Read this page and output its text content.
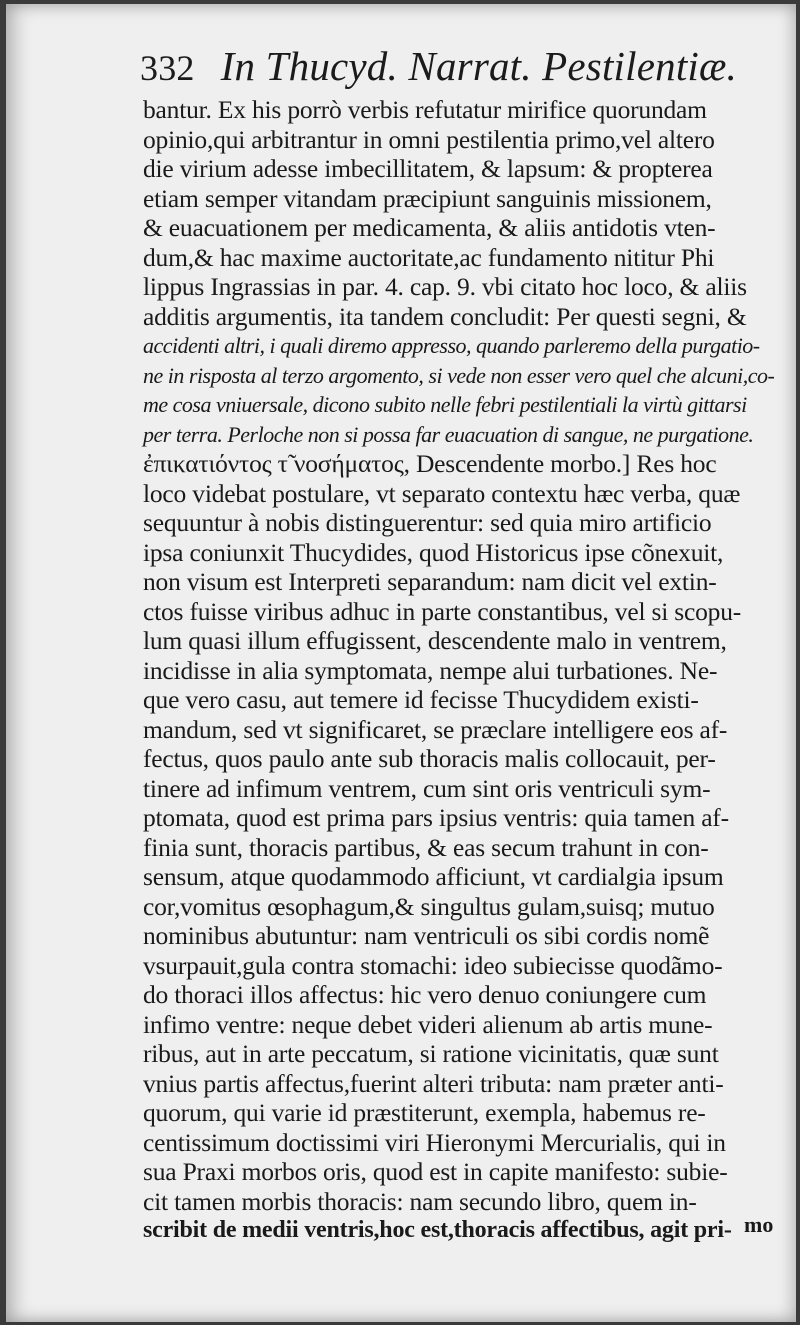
332 In Thucyd. Narrat. Pestilentiæ.
bantur. Ex his porrò verbis refutatur mirifice quorundam
opinio,qui arbitrantur in omni pestilentia primo,vel altero
die virium adesse imbecillitatem, & lapsum: & propterea
etiam semper vitandam præcipiunt sanguinis missionem,
& euacuationem per medicamenta, & aliis antidotis vten-
dum,& hac maxime auctoritate,ac fundamento nititur Phi
lippus Ingrassias in par. 4. cap. 9. vbi citato hoc loco, & aliis
additis argumentis, ita tandem concludit: Per questi segni, &
accidenti altri, i quali diremo appresso, quando parleremo della purgatio-
ne in risposta al terzo argomento, si vede non esser vero quel che alcuni,co-
me cosa vniuersale, dicono subito nelle febri pestilentiali la virtù gittarsi
per terra. Perloche non si possa far euacuation di sangue, ne purgatione.
ἐπικατιόντος τ̃ νοσήματος, Descendente morbo.] Res hoc
loco videbat postulare, vt separato contextu hæc verba, quæ
sequuntur à nobis distinguerentur: sed quia miro artificio
ipsa coniunxit Thucydides, quod Historicus ipse cõnexuit,
non visum est Interpreti separandum: nam dicit vel extin-
ctos fuisse viribus adhuc in parte constantibus, vel si scopu-
lum quasi illum effugissent, descendente malo in ventrem,
incidisse in alia symptomata, nempe alui turbationes. Ne-
que vero casu, aut temere id fecisse Thucydidem existi-
mandum, sed vt significaret, se præclare intelligere eos af-
fectus, quos paulo ante sub thoracis malis collocauit, per-
tinere ad infimum ventrem, cum sint oris ventriculi sym-
ptomata, quod est prima pars ipsius ventris: quia tamen af-
finia sunt, thoracis partibus, & eas secum trahunt in con-
sensum, atque quodammodo afficiunt, vt cardialgia ipsum
cor,vomitus œsophagum,& singultus gulam,suisq; mutuo
nominibus abutuntur: nam ventriculi os sibi cordis nomẽ
vsurpauit,gula contra stomachi: ideo subiecisse quodãmo-
do thoraci illos affectus: hic vero denuo coniungere cum
infimo ventre: neque debet videri alienum ab artis mune-
ribus, aut in arte peccatum, si ratione vicinitatis, quæ sunt
vnius partis affectus,fuerint alteri tributa: nam præter anti-
quorum, qui varie id præstiterunt, exempla, habemus re-
centissimum doctissimi viri Hieronymi Mercurialis, qui in
sua Praxi morbos oris, quod est in capite manifesto: subie-
cit tamen morbis thoracis: nam secundo libro, quem in-
scribit de medii ventris,hoc est,thoracis affectibus, agit pri- mo
